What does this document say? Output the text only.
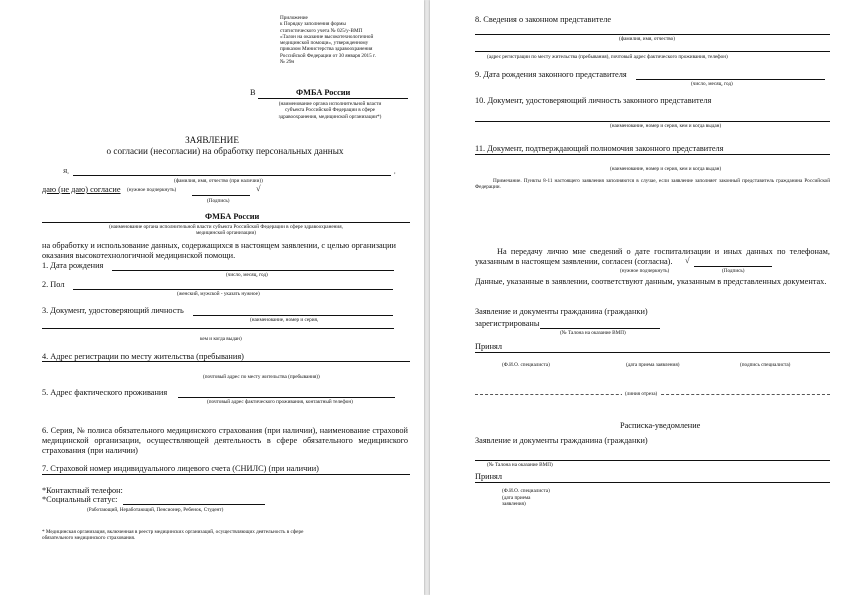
Приложение
к Порядку заполнения формы
статистического учета № 025/у-ВМП
«Талон на оказание высокотехнологичной
медицинской помощи», утвержденному
приказом Министерства здравоохранения
Российской Федерации от 30 января 2015 г.
№ 29н
В	ФМБА России
(наименование органа исполнительной власти
субъекта Российской Федерации в сфере
здравоохранения, медицинской организации*)
ЗАЯВЛЕНИЕ
о согласии (несогласии) на обработку персональных данных
Я,	,
(фамилия, имя, отчество (при наличии))
даю (не даю) согласие (нужное подчеркнуть)	√
(Подпись)
ФМБА России
(наименование органа исполнительной власти субъекта Российской Федерации в сфере здравоохранения,
медицинской организации)
на обработку и использование данных, содержащихся в настоящем заявлении, с целью организации оказания высокотехнологичной медицинской помощи.
1. Дата рождения
(число, месяц, год)
2. Пол
(женский, мужской - указать нужное)
3. Документ, удостоверяющий личность
(наименование, номер и серия,
кем и когда выдан)
4. Адрес регистрации по месту жительства (пребывания)
(почтовый адрес по месту жительства (пребывания))
5. Адрес фактического проживания
(почтовый адрес фактического проживания, контактный телефон)
6. Серия, № полиса обязательного медицинского страхования (при наличии), наименование страховой медицинской организации, осуществляющей деятельность в сфере обязательного медицинского страхования (при наличии)
7. Страховой номер индивидуального лицевого счета (СНИЛС) (при наличии)
*Контактный телефон:
*Социальный статус:
(Работающий, Неработающий, Пенсионер, Ребенок, Студент)
* Медицинская организация, включенная в реестр медицинских организаций, осуществляющих деятельность в сфере
обязательного медицинского страхования.
8. Сведения о законном представителе
(фамилия, имя, отчество)
(адрес регистрации по месту жительства (пребывания), почтовый адрес фактического проживания, телефон)
9. Дата рождения законного представителя
(число, месяц, год)
10. Документ, удостоверяющий личность законного представителя
(наименование, номер и серия, кем и когда выдан)
11. Документ, подтверждающий полномочия законного представителя
(наименование, номер и серия, кем и когда выдан)
Примечание. Пункты 8-11 настоящего заявления заполняются в случае, если заявление заполняет законный представитель гражданина Российской Федерации.
На передачу лично мне сведений о дате госпитализации и иных данных по телефонам, указанным в настоящем заявлении, согласен (согласна).	√
(нужное подчеркнуть)	(Подпись)
Данные, указанные в заявлении, соответствуют данным, указанным в представленных документах.
Заявление и документы гражданина (гражданки)
зарегистрированы
(№ Талона на оказание ВМП)
Принял
(Ф.И.О. специалиста)	(дата приема заявления)	(подпись специалиста)
(линия отреза)
Расписка-уведомление
Заявление и документы гражданина (гражданки)
(№ Талона на оказание ВМП)
Принял
(Ф.И.О. специалиста)
(дата приема
заявления)
